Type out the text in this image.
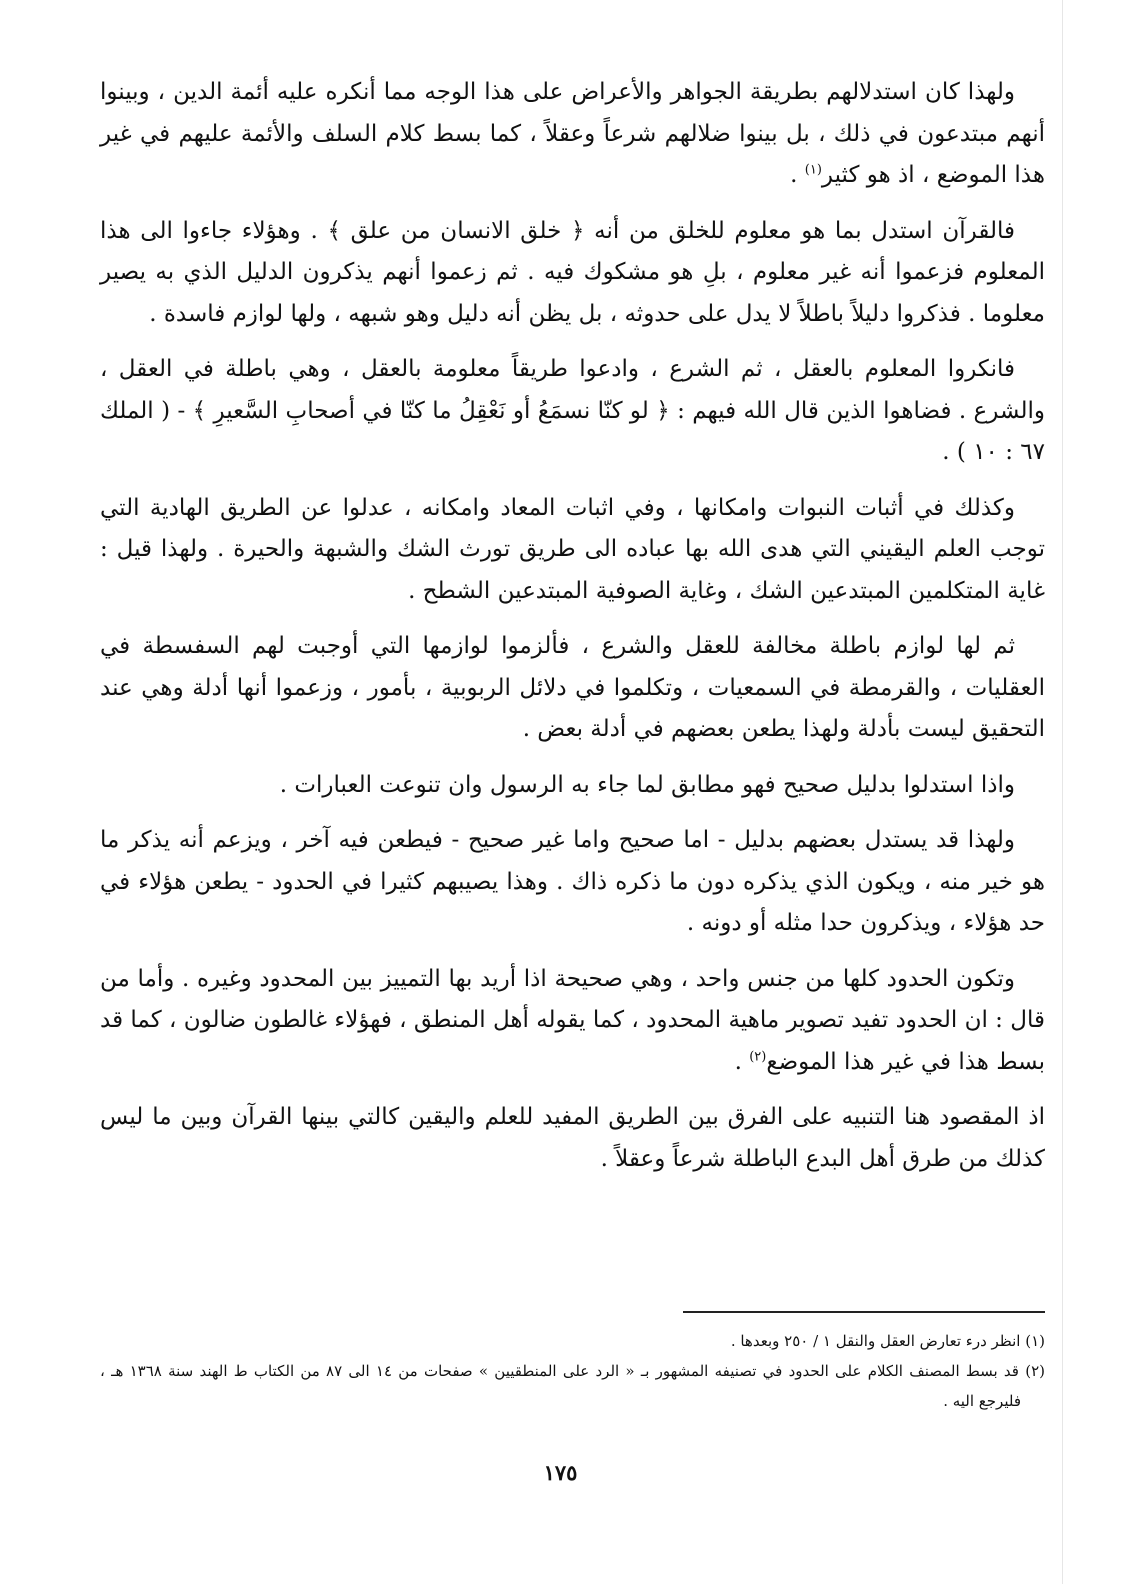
ولهذا كان استدلالهم بطريقة الجواهر والأعراض على هذا الوجه مما أنكره عليه أئمة الدين ، وبينوا أنهم مبتدعون في ذلك ، بل بينوا ضلالهم شرعاً وعقلاً ، كما بسط كلام السلف والأئمة عليهم في غير هذا الموضع ، اذ هو كثير$^{(١)}$ .

فالقرآن استدل بما هو معلوم للخلق من أنه ﴿ خلق الانسان من علق ﴾ . وهؤلاء جاءوا الى هذا المعلوم فزعموا أنه غير معلوم ، بلِ هو مشكوك فيه . ثم زعموا أنهم يذكرون الدليل الذي به يصير معلوما . فذكروا دليلاً باطلاً لا يدل على حدوثه ، بل يظن أنه دليل وهو شبهه ، ولها لوازم فاسدة .

فانكروا المعلوم بالعقل ، ثم الشرع ، وادعوا طريقاً معلومة بالعقل ، وهي باطلة في العقل ، والشرع . فضاهوا الذين قال الله فيهم : ﴿ لو كنّا نسمَعُ أو نَعْقِلُ ما كنّا في أصحابِ السَّعيرِ ﴾ - ( الملك ٦٧ : ١٠ ) .

وكذلك في أثبات النبوات وامكانها ، وفي اثبات المعاد وامكانه ، عدلوا عن الطريق الهادية التي توجب العلم اليقيني التي هدى الله بها عباده الى طريق تورث الشك والشبهة والحيرة . ولهذا قيل : غاية المتكلمين المبتدعين الشك ، وغاية الصوفية المبتدعين الشطح .

ثم لها لوازم باطلة مخالفة للعقل والشرع ، فألزموا لوازمها التي أوجبت لهم السفسطة في العقليات ، والقرمطة في السمعيات ، وتكلموا في دلائل الربوبية ، بأمور ، وزعموا أنها أدلة وهي عند التحقيق ليست بأدلة ولهذا يطعن بعضهم في أدلة بعض .

واذا استدلوا بدليل صحيح فهو مطابق لما جاء به الرسول وان تنوعت العبارات .

ولهذا قد يستدل بعضهم بدليل - اما صحيح واما غير صحيح - فيطعن فيه آخر ، ويزعم أنه يذكر ما هو خير منه ، ويكون الذي يذكره دون ما ذكره ذاك . وهذا يصيبهم كثيرا في الحدود - يطعن هؤلاء في حد هؤلاء ، ويذكرون حدا مثله أو دونه .

وتكون الحدود كلها من جنس واحد ، وهي صحيحة اذا أريد بها التمييز بين المحدود وغيره . وأما من قال : ان الحدود تفيد تصوير ماهية المحدود ، كما يقوله أهل المنطق ، فهؤلاء غالطون ضالون ، كما قد بسط هذا في غير هذا الموضع$^{(٢)}$ .

اذ المقصود هنا التنبيه على الفرق بين الطريق المفيد للعلم واليقين كالتي بينها القرآن وبين ما ليس كذلك من طرق أهل البدع الباطلة شرعاً وعقلاً .

(١) انظر درء تعارض العقل والنقل ١ / ٢٥٠ وبعدها .

(٢) قد بسط المصنف الكلام على الحدود في تصنيفه المشهور بـ « الرد على المنطقيين » صفحات من ١٤ الى ٨٧ من الكتاب ط الهند سنة ١٣٦٨ هـ ، فليرجع اليه .

١٧٥
